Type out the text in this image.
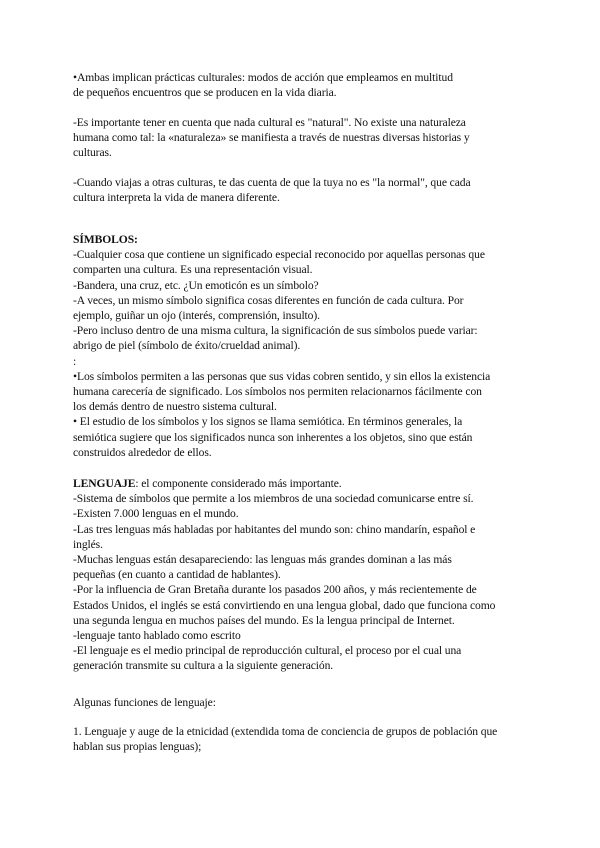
•Ambas implican prácticas culturales: modos de acción que empleamos en multitud
de pequeños encuentros que se producen en la vida diaria.
-Es importante tener en cuenta que nada cultural es "natural". No existe una naturaleza
humana como tal: la «naturaleza» se manifiesta a través de nuestras diversas historias y
culturas.
-Cuando viajas a otras culturas, te das cuenta de que la tuya no es "la normal", que cada
cultura interpreta la vida de manera diferente.
SÍMBOLOS:
-Cualquier cosa que contiene un significado especial reconocido por aquellas personas que
comparten una cultura. Es una representación visual.
-Bandera, una cruz, etc. ¿Un emoticón es un símbolo?
-A veces, un mismo símbolo significa cosas diferentes en función de cada cultura. Por
ejemplo, guiñar un ojo (interés, comprensión, insulto).
-Pero incluso dentro de una misma cultura, la significación de sus símbolos puede variar:
abrigo de piel (símbolo de éxito/crueldad animal).
:
•Los símbolos permiten a las personas que sus vidas cobren sentido, y sin ellos la existencia
humana carecería de significado. Los símbolos nos permiten relacionarnos fácilmente con
los demás dentro de nuestro sistema cultural.
• El estudio de los símbolos y los signos se llama semiótica. En términos generales, la
semiótica sugiere que los significados nunca son inherentes a los objetos, sino que están
construidos alrededor de ellos.
LENGUAJE: el componente considerado más importante.
-Sistema de símbolos que permite a los miembros de una sociedad comunicarse entre sí.
-Existen 7.000 lenguas en el mundo.
-Las tres lenguas más habladas por habitantes del mundo son: chino mandarín, español e
inglés.
-Muchas lenguas están desapareciendo: las lenguas más grandes dominan a las más
pequeñas (en cuanto a cantidad de hablantes).
-Por la influencia de Gran Bretaña durante los pasados 200 años, y más recientemente de
Estados Unidos, el inglés se está convirtiendo en una lengua global, dado que funciona como
una segunda lengua en muchos países del mundo. Es la lengua principal de Internet.
-lenguaje tanto hablado como escrito
-El lenguaje es el medio principal de reproducción cultural, el proceso por el cual una
generación transmite su cultura a la siguiente generación.
Algunas funciones de lenguaje:
1. Lenguaje y auge de la etnicidad (extendida toma de conciencia de grupos de población que
hablan sus propias lenguas);
